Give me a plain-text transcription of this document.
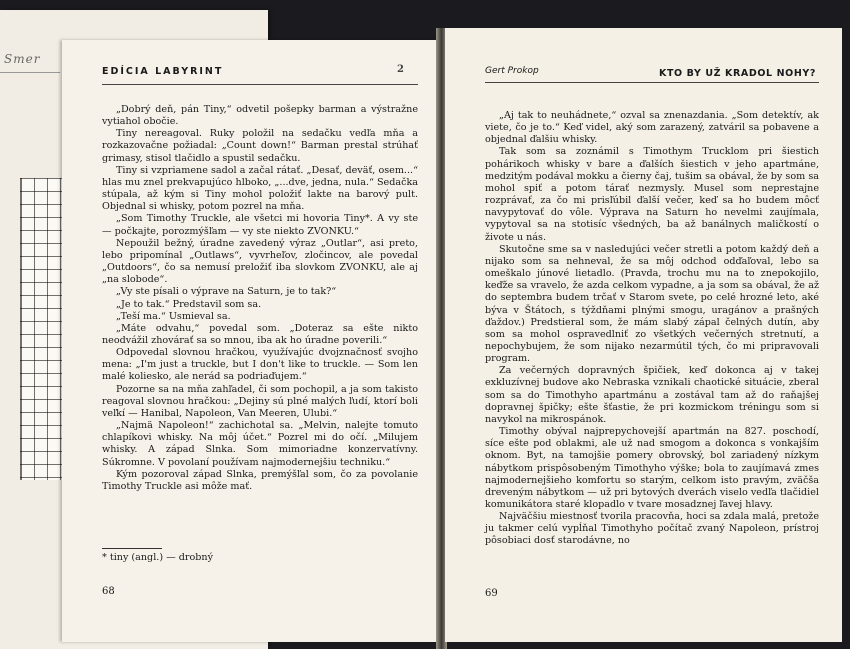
Smer
EDÍCIA LABYRINT	2

„Dobrý deň, pán Tiny,“ odvetil pošepky barman a výstražne vytiahol obočie.

Tiny nereagoval. Ruky položil na sedačku vedľa mňa a rozkazovačne požiadal: „Count down!“ Barman prestal strúhať grimasy, stisol tlačidlo a spustil sedačku.

Tiny si vzpriamene sadol a začal rátať. „Desať, deväť, osem...“ hlas mu znel prekvapujúco hlboko, „...dve, jedna, nula.“ Sedačka stúpala, až kým si Tiny mohol položiť lakte na barový pult. Objednal si whisky, potom pozrel na mňa.

„Som Timothy Truckle, ale všetci mi hovoria Tiny*. A vy ste — počkajte, porozmýšľam — vy ste niekto ZVONKU.“

Nepoužil bežný, úradne zavedený výraz „Outlar“, asi preto, lebo pripomínal „Outlaws“, vyvrheľov, zločincov, ale povedal „Outdoors“, čo sa nemusí preložiť iba slovkom ZVONKU, ale aj „na slobode“.

„Vy ste písali o výprave na Saturn, je to tak?“

„Je to tak.“ Predstavil som sa.

„Teší ma.“ Usmieval sa.

„Máte odvahu,“ povedal som. „Doteraz sa ešte nikto neodvážil zhovárať sa so mnou, iba ak ho úradne poverili.“

Odpovedal slovnou hračkou, využívajúc dvojznačnosť svojho mena: „I'm just a truckle, but I don't like to truckle. — Som len malé koliesko, ale nerád sa podriaďujem.“

Pozorne sa na mňa zahľadel, či som pochopil, a ja som takisto reagoval slovnou hračkou: „Dejiny sú plné malých ľudí, ktorí boli veľkí — Hanibal, Napoleon, Van Meeren, Ulubi.“

„Najmä Napoleon!“ zachichotal sa. „Melvin, nalejte tomuto chlapíkovi whisky. Na môj účet.“ Pozrel mi do očí. „Milujem whisky. A západ Slnka. Som mimoriadne konzervatívny. Súkromne. V povolaní používam najmodernejšiu techniku.“

Kým pozoroval západ Slnka, premýšľal som, čo za povolanie Timothy Truckle asi môže mať.

* tiny (angl.) — drobný
68
Gert Prokop	KTO BY UŽ KRADOL NOHY?

„Aj tak to neuhádnete,“ ozval sa znenazdania. „Som detektív, ak viete, čo je to.“ Keď videl, aký som zarazený, zatváril sa pobavene a objednal ďalšiu whisky.

Tak som sa zoznámil s Timothym Trucklom pri šiestich pohárikoch whisky v bare a ďalších šiestich v jeho apartmáne, medzitým podával mokku a čierny čaj, tušim sa obával, že by som sa mohol spiť a potom tárať nezmysly. Musel som neprestajne rozprávať, za čo mi prisľúbil ďalší večer, keď sa ho budem môcť navypytovať do vôle. Výprava na Saturn ho nevelmi zaujímala, vypytoval sa na stotisíc všedných, ba až banálnych maličkostí o živote u nás.

Skutočne sme sa v nasledujúci večer stretli a potom každý deň a nijako som sa nehneval, že sa môj odchod odďaľoval, lebo sa omeškalo júnové lietadlo. (Pravda, trochu mu na to znepokojilo, keďže sa vravelo, že azda celkom vypadne, a ja som sa obával, že až do septembra budem trčať v Starom svete, po celé hrozné leto, aké býva v Štátoch, s týždňami plnými smogu, uragánov a prašných ďaždov.) Predstieral som, že mám slabý zápal čelných dutín, aby som sa mohol ospravedlniť zo všetkých večerných stretnutí, a nepochybujem, že som nijako nezarmútil tých, čo mi pripravovali program.

Za večerných dopravných špičiek, keď dokonca aj v takej exkluzívnej budove ako Nebraska vznikali chaotické situácie, zberal som sa do Timothyho apartmánu a zostával tam až do raňajšej dopravnej špičky; ešte šťastie, že pri kozmickom tréningu som si navykol na mikrospánok.

Timothy obýval najprepychovejší apartmán na 827. poschodí, síce ešte pod oblakmi, ale už nad smogom a dokonca s vonkajším oknom. Byt, na tamojšie pomery obrovský, bol zariadený nízkym nábytkom prispôsobeným Timothyho výške; bola to zaujímavá zmes najmodernejšieho komfortu so starým, celkom isto pravým, zväčša dreveným nábytkom — už pri bytových dverách viselo vedľa tlačidiel komunikátora staré klopadlo v tvare mosadznej ľavej hlavy.

Najväčšiu miestnosť tvorila pracovňa, hoci sa zdala malá, pretože ju takmer celú vypĺňal Timothyho počítač zvaný Napoleon, prístroj pôsobiaci dosť starodávne, no

69
